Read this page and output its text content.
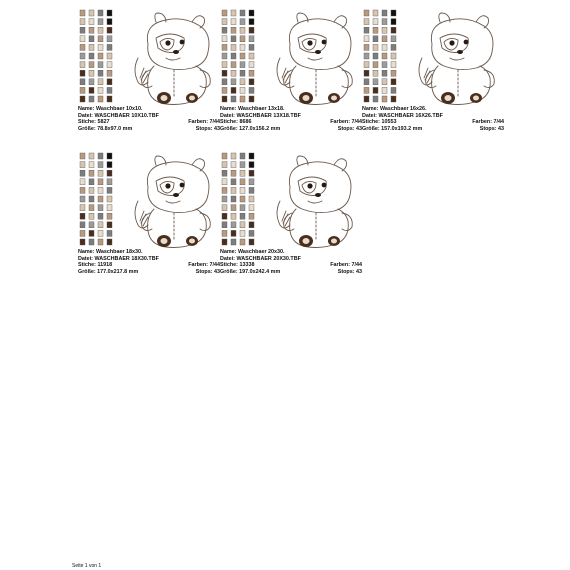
Name: Waschbaer 10x10.
Datei: WASCHBAER 10X10.TBF
Stiche: 5827	Farben: 7/44
Größe: 78.8x97.0 mm	Stops: 43
Name: Waschbaer 13x18.
Datei: WASCHBAER 13X18.TBF
Stiche: 8686	Farben: 7/44
Größe: 127.0x156.2 mm	Stops: 43
Name: Waschbaer 16x26.
Datei: WASCHBAER 16X26.TBF
Stiche: 10553	Farben: 7/44
Größe: 157.0x193.2 mm	Stops: 43
Name: Waschbaer 18x30.
Datei: WASCHBAER 18X30.TBF
Stiche: 11918	Farben: 7/44
Größe: 177.0x217.8 mm	Stops: 43
Name: Waschbaer 20x30.
Datei: WASCHBAER 20X30.TBF
Stiche: 13338	Farben: 7/44
Größe: 197.0x242.4 mm	Stops: 43
Seite 1 von 1
